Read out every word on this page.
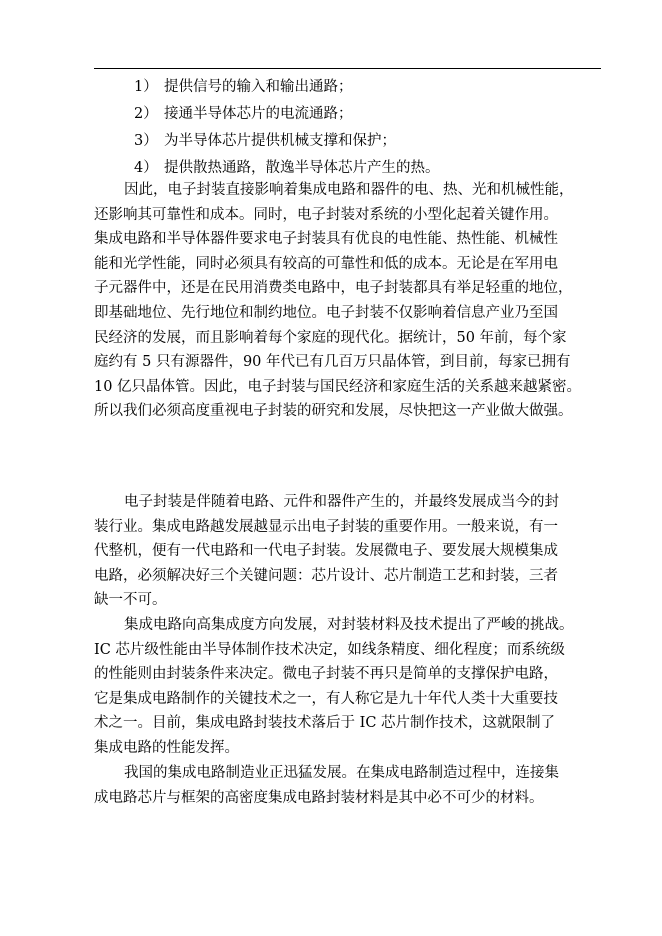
1） 提供信号的输入和输出通路；
2） 接通半导体芯片的电流通路；
3） 为半导体芯片提供机械支撑和保护；
4） 提供散热通路，散逸半导体芯片产生的热。
因此，电子封装直接影响着集成电路和器件的电、热、光和机械性能，
还影响其可靠性和成本。同时，电子封装对系统的小型化起着关键作用。
集成电路和半导体器件要求电子封装具有优良的电性能、热性能、机械性
能和光学性能，同时必须具有较高的可靠性和低的成本。无论是在军用电
子元器件中，还是在民用消费类电路中，电子封装都具有举足轻重的地位，
即基础地位、先行地位和制约地位。电子封装不仅影响着信息产业乃至国
民经济的发展，而且影响着每个家庭的现代化。据统计，50 年前，每个家
庭约有 5 只有源器件，90 年代已有几百万只晶体管，到目前，每家已拥有
10 亿只晶体管。因此，电子封装与国民经济和家庭生活的关系越来越紧密。
所以我们必须高度重视电子封装的研究和发展，尽快把这一产业做大做强。
电子封装是伴随着电路、元件和器件产生的，并最终发展成当今的封
装行业。集成电路越发展越显示出电子封装的重要作用。一般来说，有一
代整机，便有一代电路和一代电子封装。发展微电子、要发展大规模集成
电路，必须解决好三个关键问题：芯片设计、芯片制造工艺和封装，三者
缺一不可。
集成电路向高集成度方向发展，对封装材料及技术提出了严峻的挑战。
IC 芯片级性能由半导体制作技术决定，如线条精度、细化程度；而系统级
的性能则由封装条件来决定。微电子封装不再只是简单的支撑保护电路，
它是集成电路制作的关键技术之一，有人称它是九十年代人类十大重要技
术之一。目前，集成电路封装技术落后于 IC 芯片制作技术，这就限制了
集成电路的性能发挥。
我国的集成电路制造业正迅猛发展。在集成电路制造过程中，连接集
成电路芯片与框架的高密度集成电路封装材料是其中必不可少的材料。
